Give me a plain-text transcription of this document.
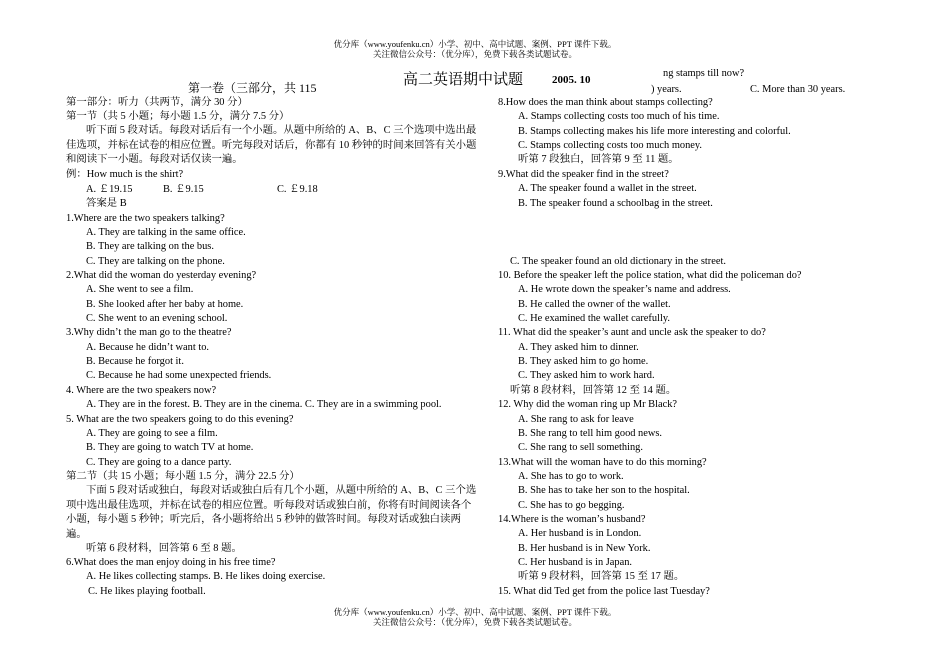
优分库（www.youfenku.cn）小学、初中、高中试题、案例、PPT 课件下载。
关注微信公众号：（优分库），免费下载各类试题试卷。
ng stamps till now?
) years.	C. More than 30 years.
高二英语期中试题	2005. 10
第一卷（三部分，共 115
第一部分：听力（共两节，满分 30 分）
第一节（共 5 小题；每小题 1.5 分，满分 7.5 分）
听下面 5 段对话。每段对话后有一个小题。从题中所给的 A、B、C 三个选项中选出最佳选项，并标在试卷的相应位置。听完每段对话后，你都有 10 秒钟的时间来回答有关小题和阅读下一小题。每段对话仅读一遍。
例：How much is the shirt?
A. ￡19.15	B. ￡9.15	C. ￡9.18
答案是 B
1.Where are the two speakers talking?
A. They are talking in the same office.
B. They are talking on the bus.
C. They are talking on the phone.
2.What did the woman do yesterday evening?
A. She went to see a film.
B. She looked after her baby at home.
C. She went to an evening school.
3.Why didn’t the man go to the theatre?
A. Because he didn’t want to.
B. Because he forgot it.
C. Because he had some unexpected friends.
4. Where are the two speakers now?
A. They are in the forest. B. They are in the cinema. C. They are in a swimming pool.
5. What are the two speakers going to do this evening?
A. They are going to see a film.
B. They are going to watch TV at home.
C. They are going to a dance party.
第二节（共 15 小题；每小题 1.5 分，满分 22.5 分）
下面 5 段对话或独白，每段对话或独白后有几个小题，从题中所给的 A、B、C 三个选项中选出最佳选项，并标在试卷的相应位置。听每段对话或独白前，你将有时间阅读各个小题，每小题 5 秒钟；听完后，各小题将给出 5 秒钟的做答时间。每段对话或独白读两遍。
听第 6 段材料，回答第 6 至 8 题。
6.What does the man enjoy doing in his free time?
A. He likes collecting stamps. B. He likes doing exercise.
C. He likes playing football.
8.How does the man think about stamps collecting?
A. Stamps collecting costs too much of his time.
B. Stamps collecting makes his life more interesting and colorful.
C. Stamps collecting costs too much money.
听第 7 段独白，回答第 9 至 11 题。
9.What did the speaker find in the street?
A. The speaker found a wallet in the street.
B. The speaker found a schoolbag in the street.
C. The speaker found an old dictionary in the street.
10. Before the speaker left the police station, what did the policeman do?
A. He wrote down the speaker’s name and address.
B. He called the owner of the wallet.
C. He examined the wallet carefully.
11. What did the speaker’s aunt and uncle ask the speaker to do?
A. They asked him to dinner.
B. They asked him to go home.
C. They asked him to work hard.
听第 8 段材料，回答第 12 至 14 题。
12. Why did the woman ring up Mr Black?
A. She rang to ask for leave
B. She rang to tell him good news.
C. She rang to sell something.
13.What will the woman have to do this morning?
A. She has to go to work.
B. She has to take her son to the hospital.
C. She has to go begging.
14.Where is the woman’s husband?
A. Her husband is in London.
B. Her husband is in New York.
C. Her husband is in Japan.
听第 9 段材料，回答第 15 至 17 题。
15. What did Ted get from the police last Tuesday?
优分库（www.youfenku.cn）小学、初中、高中试题、案例、PPT 课件下载。
关注微信公众号：（优分库），免费下载各类试题试卷。
